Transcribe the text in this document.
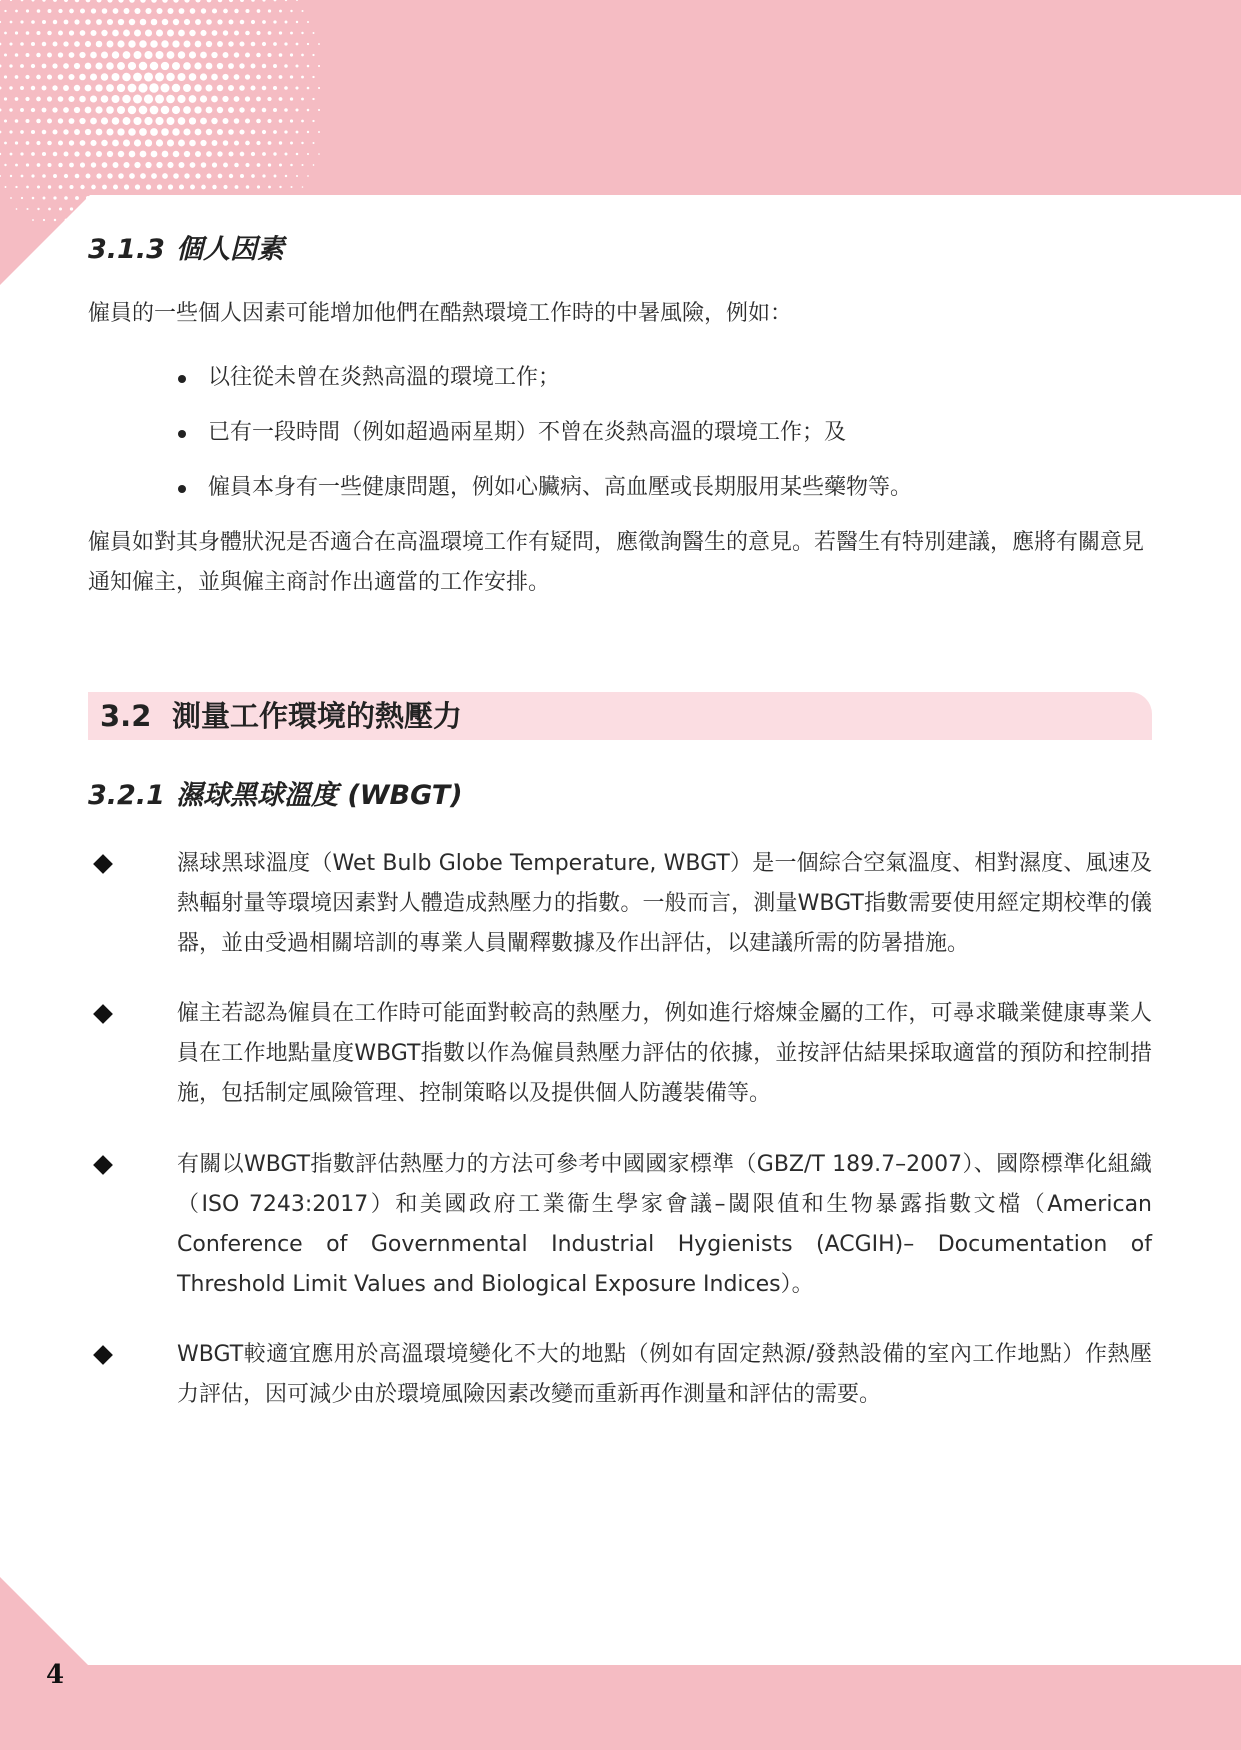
3.1.3 個人因素

僱員的一些個人因素可能增加他們在酷熱環境工作時的中暑風險，例如：

以往從未曾在炎熱高溫的環境工作；
已有一段時間（例如超過兩星期）不曾在炎熱高溫的環境工作；及
僱員本身有一些健康問題，例如心臟病、高血壓或長期服用某些藥物等。

僱員如對其身體狀況是否適合在高溫環境工作有疑問，應徵詢醫生的意見。若醫生有特別建議，應將有關意見通知僱主，並與僱主商討作出適當的工作安排。

3.2 測量工作環境的熱壓力
3.2.1 濕球黑球溫度 (WBGT)
濕球黑球溫度（Wet Bulb Globe Temperature, WBGT）是一個綜合空氣溫度、相對濕度、風速及熱輻射量等環境因素對人體造成熱壓力的指數。一般而言，測量WBGT指數需要使用經定期校準的儀器，並由受過相關培訓的專業人員闡釋數據及作出評估，以建議所需的防暑措施。
僱主若認為僱員在工作時可能面對較高的熱壓力，例如進行熔煉金屬的工作，可尋求職業健康專業人員在工作地點量度WBGT指數以作為僱員熱壓力評估的依據，並按評估結果採取適當的預防和控制措施，包括制定風險管理、控制策略以及提供個人防護裝備等。
有關以WBGT指數評估熱壓力的方法可參考中國國家標準（GBZ/T 189.7–2007）、國際標準化組織（ISO 7243:2017）和美國政府工業衞生學家會議–閾限值和生物暴露指數文檔（American Conference of Governmental Industrial Hygienists (ACGIH)– Documentation of Threshold Limit Values and Biological Exposure Indices）。
WBGT較適宜應用於高溫環境變化不大的地點（例如有固定熱源/發熱設備的室內工作地點）作熱壓力評估，因可減少由於環境風險因素改變而重新再作測量和評估的需要。
4
